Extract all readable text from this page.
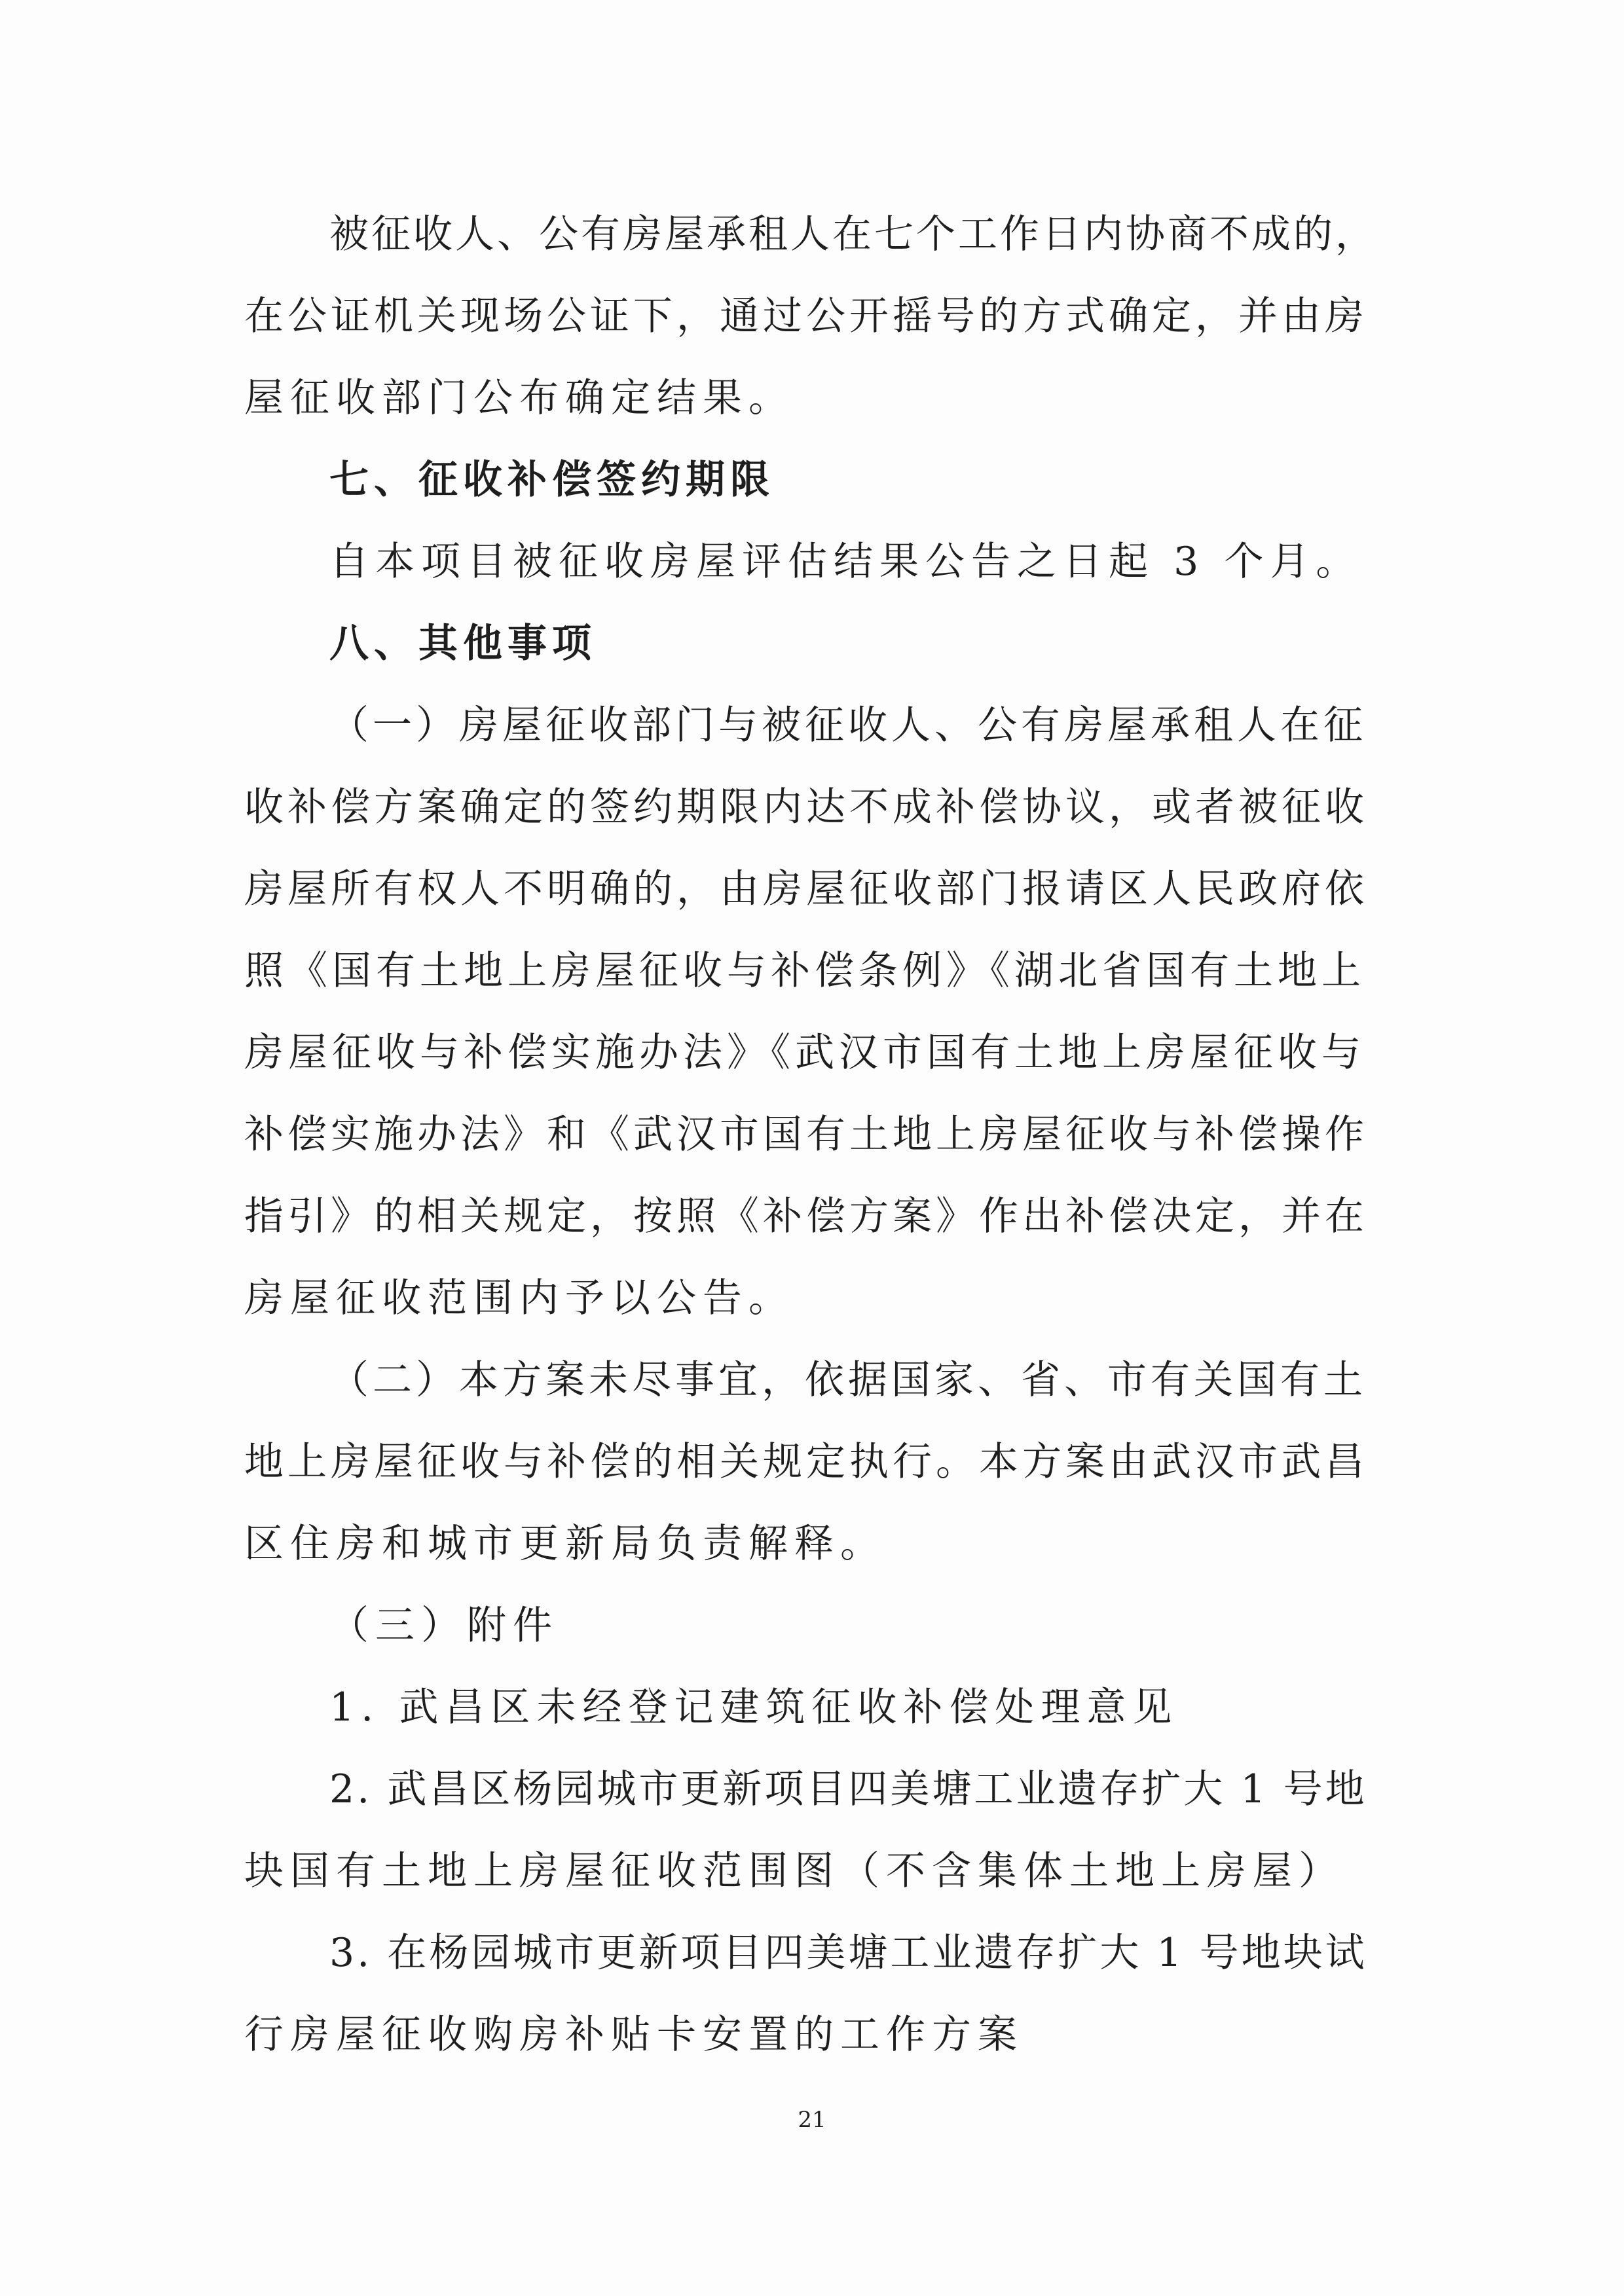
被征收人、公有房屋承租人在七个工作日内协商不成的，
在公证机关现场公证下，通过公开摇号的方式确定，并由房
屋征收部门公布确定结果。
七、征收补偿签约期限
自本项目被征收房屋评估结果公告之日起 3 个月。
八、其他事项
（一）房屋征收部门与被征收人、公有房屋承租人在征
收补偿方案确定的签约期限内达不成补偿协议，或者被征收
房屋所有权人不明确的，由房屋征收部门报请区人民政府依
照《国有土地上房屋征收与补偿条例》《湖北省国有土地上
房屋征收与补偿实施办法》《武汉市国有土地上房屋征收与
补偿实施办法》和《武汉市国有土地上房屋征收与补偿操作
指引》的相关规定，按照《补偿方案》作出补偿决定，并在
房屋征收范围内予以公告。
（二）本方案未尽事宜，依据国家、省、市有关国有土
地上房屋征收与补偿的相关规定执行。本方案由武汉市武昌
区住房和城市更新局负责解释。
（三）附件
1. 武昌区未经登记建筑征收补偿处理意见
2. 武昌区杨园城市更新项目四美塘工业遗存扩大 1 号地
块国有土地上房屋征收范围图（不含集体土地上房屋）
3. 在杨园城市更新项目四美塘工业遗存扩大 1 号地块试
行房屋征收购房补贴卡安置的工作方案
21
